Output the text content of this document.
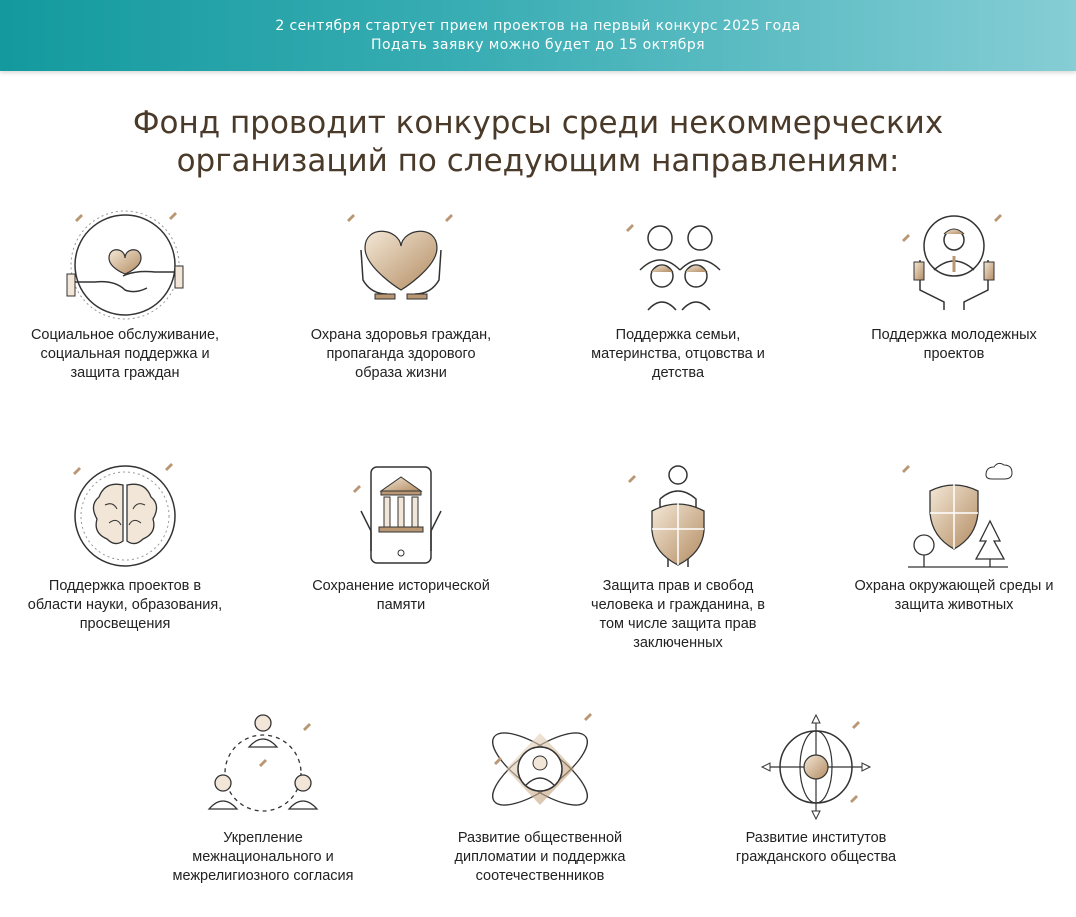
2 сентября стартует прием проектов на первый конкурс 2025 года
Подать заявку можно будет до 15 октября
Фонд проводит конкурсы среди некоммерческих
организаций по следующим направлениям:
Социальное обслуживание, социальная поддержка и защита граждан
Охрана здоровья граждан, пропаганда здорового образа жизни
Поддержка семьи, материнства, отцовства и детства
Поддержка молодежных проектов
Поддержка проектов в области науки, образования, просвещения
Сохранение исторической памяти
Защита прав и свобод человека и гражданина, в том числе защита прав заключенных
Охрана окружающей среды и защита животных
Укрепление межнационального и межрелигиозного согласия
Развитие общественной дипломатии и поддержка соотечественников
Развитие институтов гражданского общества
